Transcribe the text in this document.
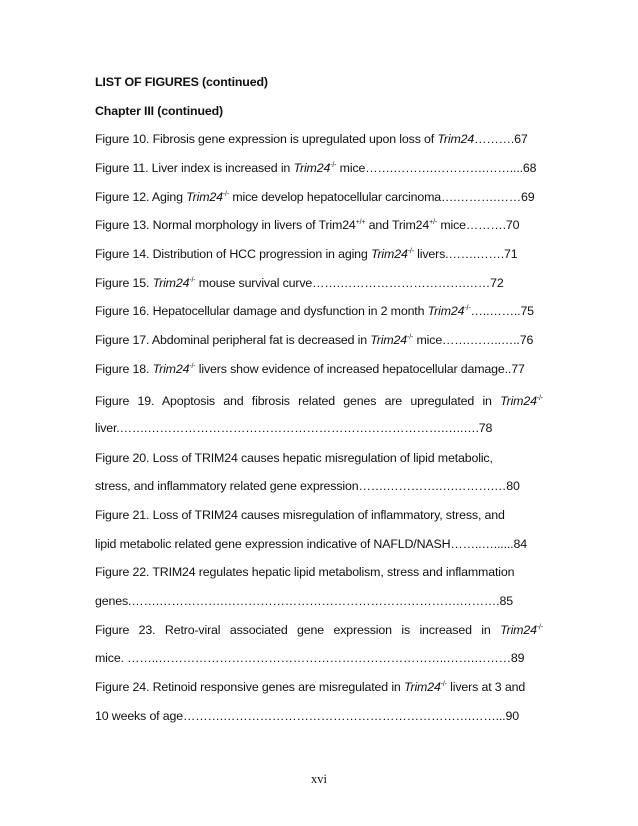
LIST OF FIGURES (continued)
Chapter III (continued)
Figure 10. Fibrosis gene expression is upregulated upon loss of Trim24……….67
Figure 11. Liver index is increased in Trim24-/- mice…….……….………….……....68
Figure 12. Aging Trim24-/- mice develop hepatocellular carcinoma….……….……69
Figure 13. Normal morphology in livers of Trim24+/+ and Trim24+/- mice……….70
Figure 14. Distribution of HCC progression in aging Trim24-/- livers.…….…….71
Figure 15. Trim24-/- mouse survival curve…….………………………….……72
Figure 16. Hepatocellular damage and dysfunction in 2 month Trim24-/-…..……..75
Figure 17. Abdominal peripheral fat is decreased in Trim24-/- mice…….……..…..76
Figure 18. Trim24-/- livers show evidence of increased hepatocellular damage..77
Figure 19. Apoptosis and fibrosis related genes are upregulated in Trim24-/-
liver.…….……………………………………………………………….…..….78
Figure 20. Loss of TRIM24 causes hepatic misregulation of lipid metabolic,
stress, and inflammatory related gene expression…….………….….……….…80
Figure 21. Loss of TRIM24 causes misregulation of inflammatory, stress, and
lipid metabolic related gene expression indicative of NAFLD/NASH……..…......84
Figure 22. TRIM24 regulates hepatic lipid metabolism, stress and inflammation
genes.…….…………….………………………………………………….……….85
Figure 23. Retro-viral associated gene expression is increased in Trim24-/-
mice. ……..……………………………………………………………..…….………89
Figure 24. Retinoid responsive genes are misregulated in Trim24-/- livers at 3 and
10 weeks of age……….…………………………………………………….……...90
xvi
